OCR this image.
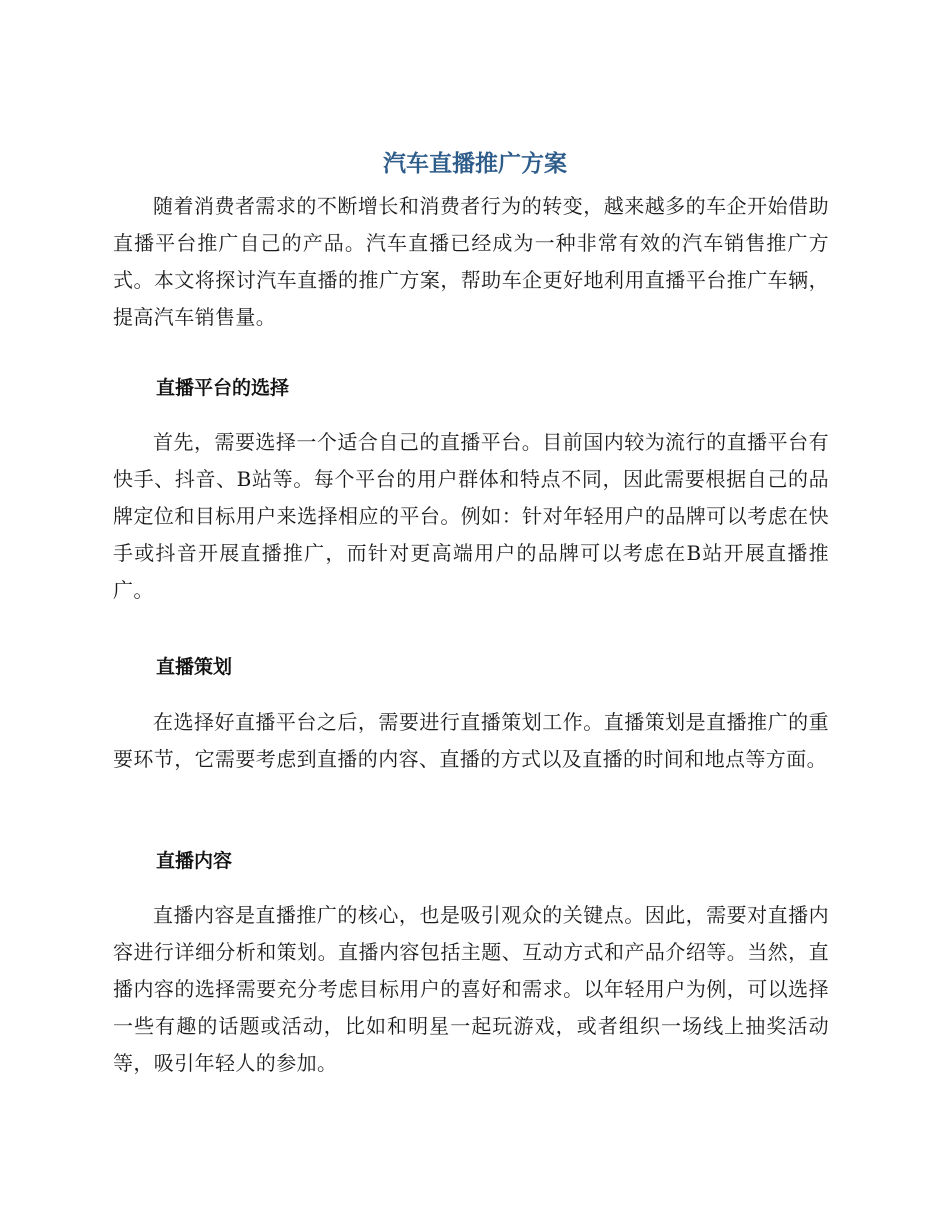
汽车直播推广方案

随着消费者需求的不断增长和消费者行为的转变，越来越多的车企开始借助直播平台推广自己的产品。汽车直播已经成为一种非常有效的汽车销售推广方式。本文将探讨汽车直播的推广方案，帮助车企更好地利用直播平台推广车辆，提高汽车销售量。

直播平台的选择

首先，需要选择一个适合自己的直播平台。目前国内较为流行的直播平台有快手、抖音、B站等。每个平台的用户群体和特点不同，因此需要根据自己的品牌定位和目标用户来选择相应的平台。例如：针对年轻用户的品牌可以考虑在快手或抖音开展直播推广，而针对更高端用户的品牌可以考虑在B站开展直播推广。

直播策划

在选择好直播平台之后，需要进行直播策划工作。直播策划是直播推广的重要环节，它需要考虑到直播的内容、直播的方式以及直播的时间和地点等方面。

直播内容

直播内容是直播推广的核心，也是吸引观众的关键点。因此，需要对直播内容进行详细分析和策划。直播内容包括主题、互动方式和产品介绍等。当然，直播内容的选择需要充分考虑目标用户的喜好和需求。以年轻用户为例，可以选择一些有趣的话题或活动，比如和明星一起玩游戏，或者组织一场线上抽奖活动等，吸引年轻人的参加。
